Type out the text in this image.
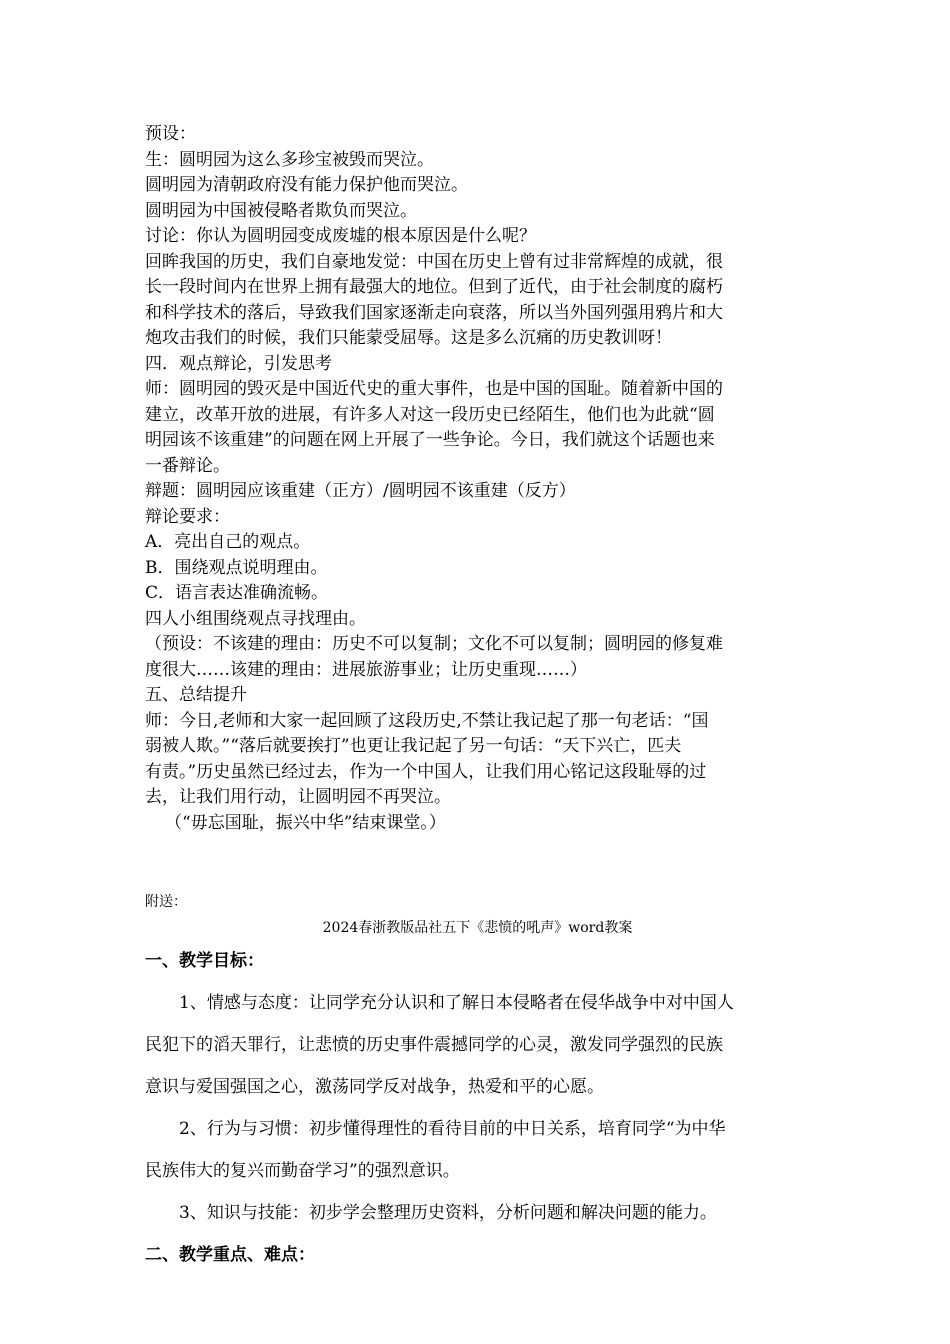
预设：
生：圆明园为这么多珍宝被毁而哭泣。
圆明园为清朝政府没有能力保护他而哭泣。
圆明园为中国被侵略者欺负而哭泣。
讨论：你认为圆明园变成废墟的根本原因是什么呢？
回眸我国的历史，我们自豪地发觉：中国在历史上曾有过非常辉煌的成就，很
长一段时间内在世界上拥有最强大的地位。但到了近代，由于社会制度的腐朽
和科学技术的落后，导致我们国家逐渐走向衰落，所以当外国列强用鸦片和大
炮攻击我们的时候，我们只能蒙受屈辱。这是多么沉痛的历史教训呀！
四．观点辩论，引发思考
师：圆明园的毁灭是中国近代史的重大事件，也是中国的国耻。随着新中国的
建立，改革开放的进展，有许多人对这一段历史已经陌生，他们也为此就“圆
明园该不该重建”的问题在网上开展了一些争论。今日，我们就这个话题也来
一番辩论。
辩题：圆明园应该重建（正方）/圆明园不该重建（反方）
辩论要求：
A．亮出自己的观点。
B．围绕观点说明理由。
C．语言表达准确流畅。
四人小组围绕观点寻找理由。
（预设：不该建的理由：历史不可以复制；文化不可以复制；圆明园的修复难
度很大……该建的理由：进展旅游事业；让历史重现……）
五、总结提升
师：今日,老师和大家一起回顾了这段历史,不禁让我记起了那一句老话：“国
弱被人欺。”“落后就要挨打”也更让我记起了另一句话：“天下兴亡，匹夫
有责。”历史虽然已经过去，作为一个中国人，让我们用心铭记这段耻辱的过
去，让我们用行动，让圆明园不再哭泣。
（“毋忘国耻，振兴中华”结束课堂。）
附送：
2024春浙教版品社五下《悲愤的吼声》word教案
一、教学目标：
1、情感与态度：让同学充分认识和了解日本侵略者在侵华战争中对中国人
民犯下的滔天罪行，让悲愤的历史事件震撼同学的心灵，激发同学强烈的民族
意识与爱国强国之心，激荡同学反对战争，热爱和平的心愿。
2、行为与习惯：初步懂得理性的看待目前的中日关系，培育同学“为中华
民族伟大的复兴而勤奋学习”的强烈意识。
3、知识与技能：初步学会整理历史资料，分析问题和解决问题的能力。
二、教学重点、难点：
